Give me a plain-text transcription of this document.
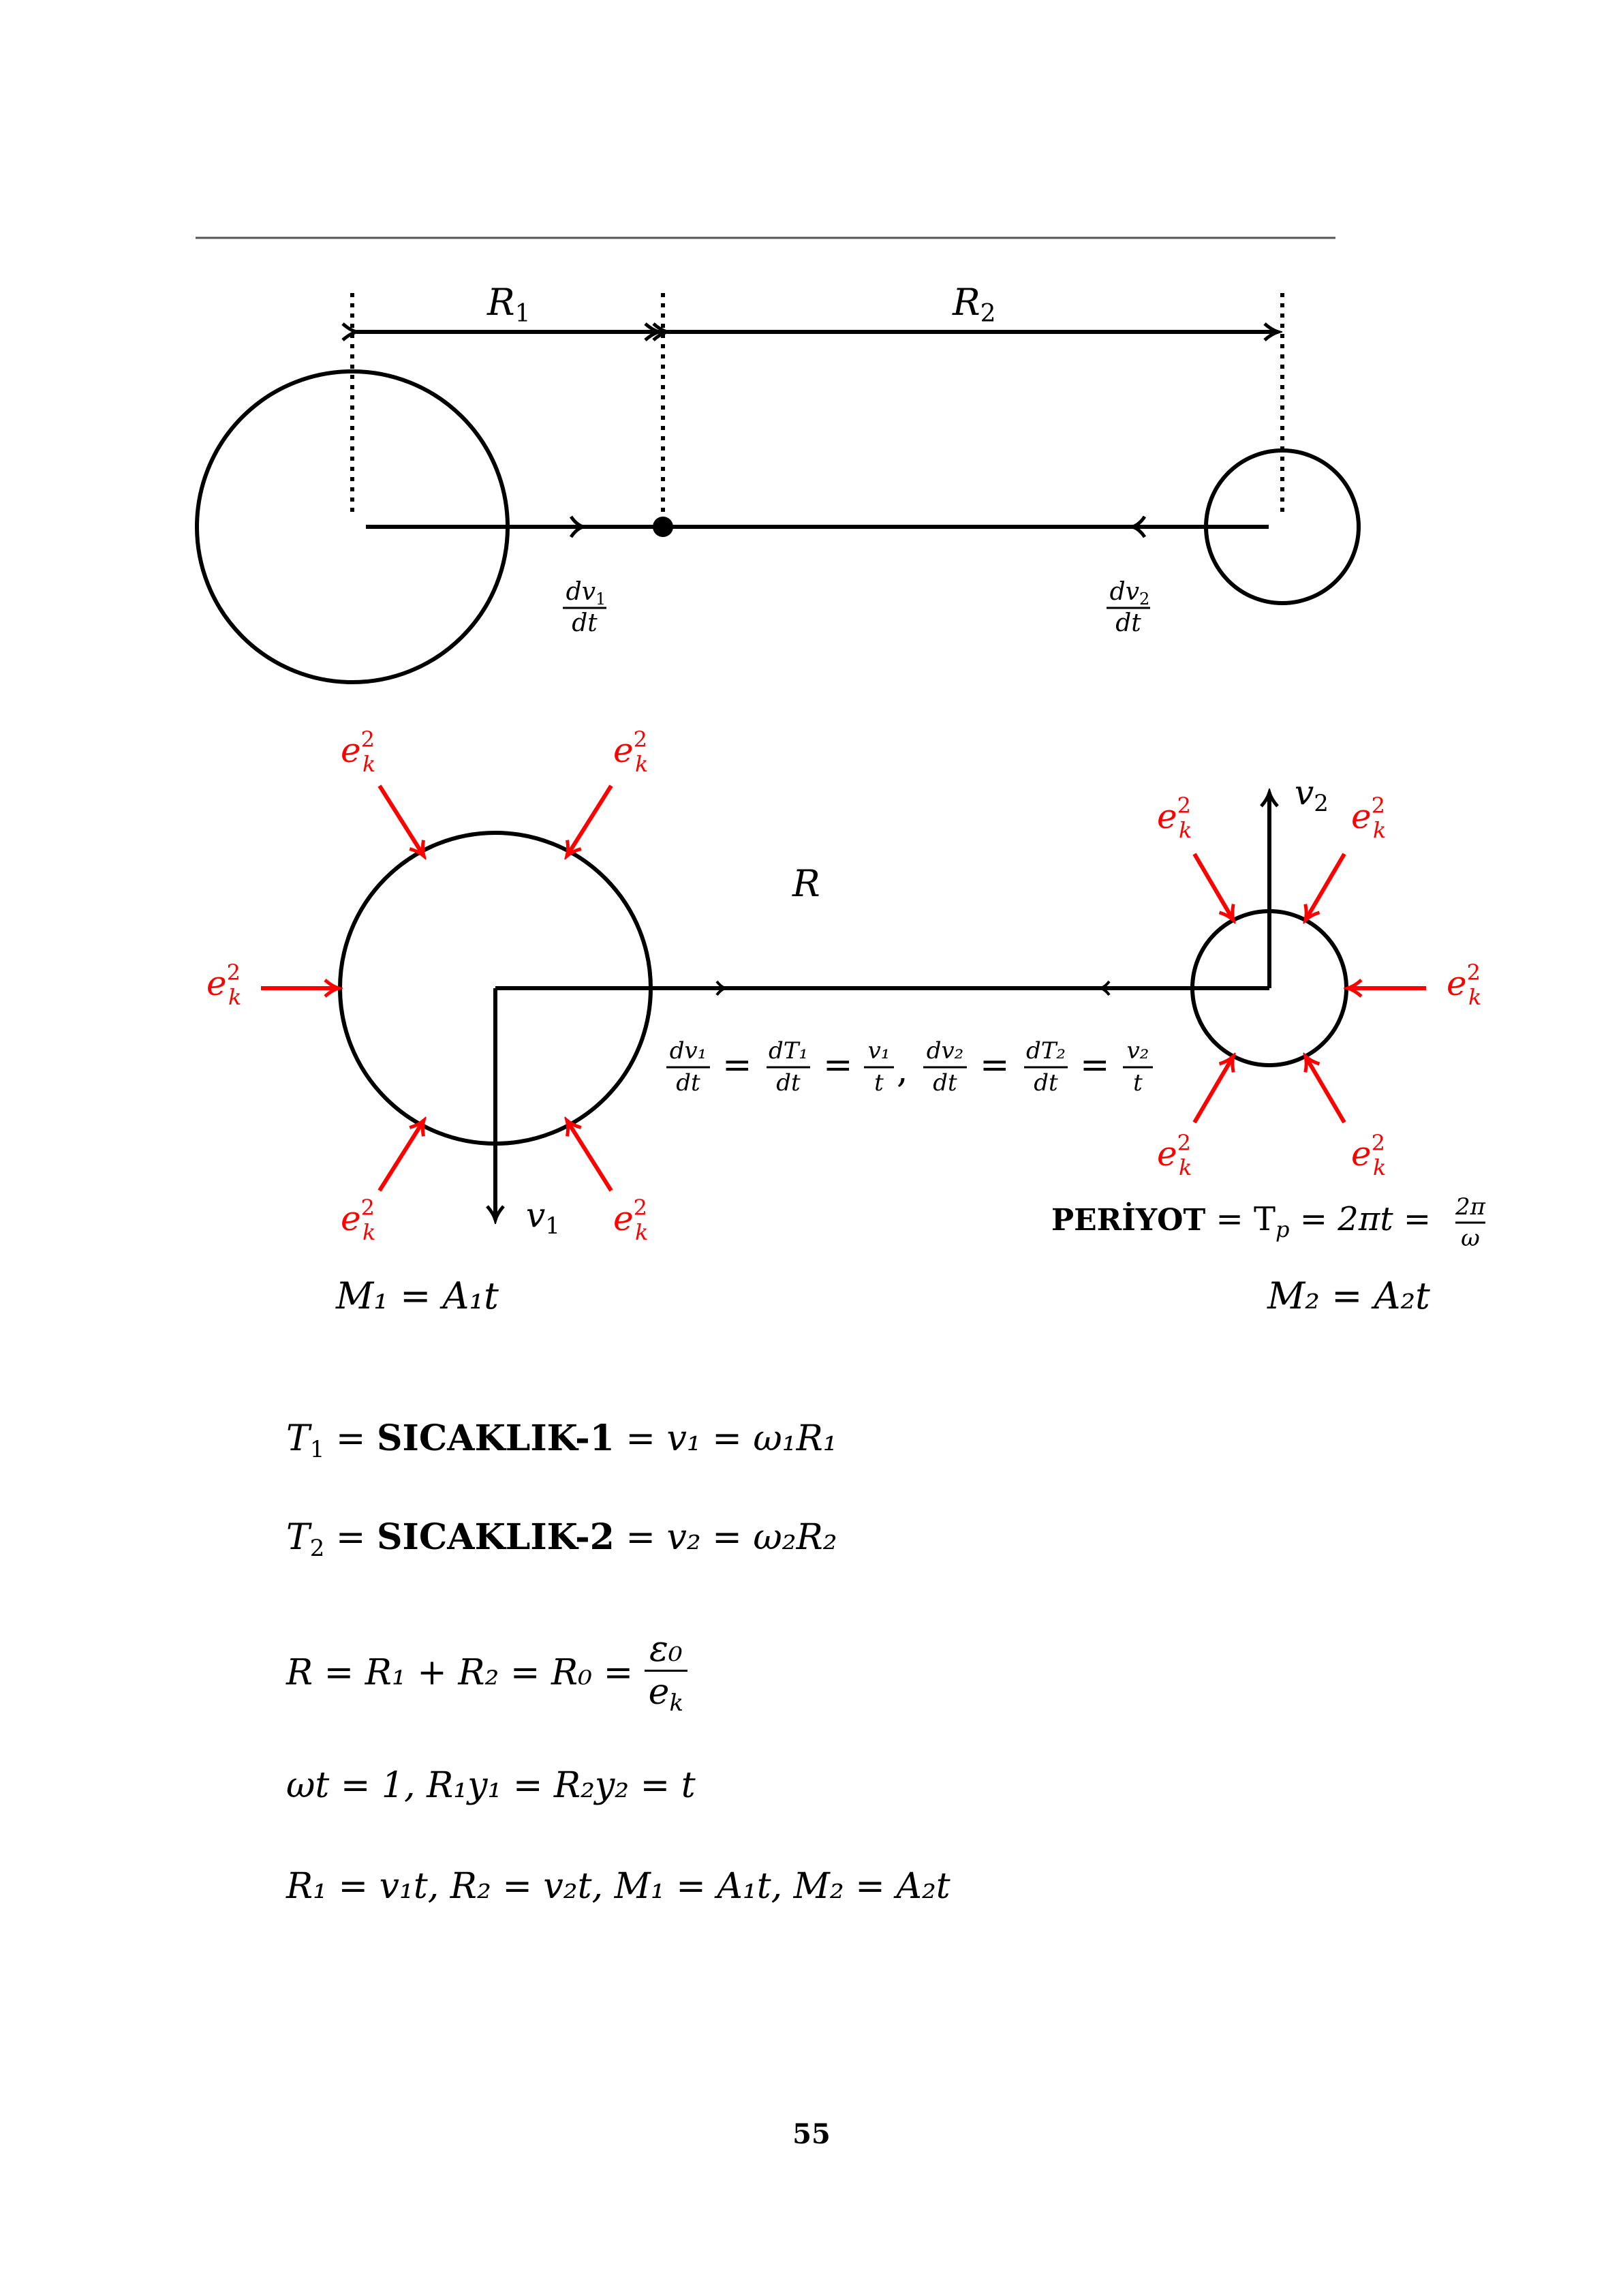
R1	R2
dv1
dt
dv2
dt
R
$v_1$
$v_2$
dv₁
dt = dT₁
dt = v₁
t , dv₂
dt = dT₂
dt = v₂
t
M₁ = A₁t	M₂ = A₂t
PERİYOT = $T_p = 2\pi t = 2\pi$
ω
$e^2$ k	$e^2$ k
$e^2$ k
$e^2$ k	$e^2$ k
$e^2$ k	$e^2$ k
$e^2$ k
$e^2$ k	$e^2$ k
$T_1$ = SICAKLIK-1 = v₁ = ω₁R₁
$T_2$ = SICAKLIK-2 = v₂ = ω₂R₂
$R = R_1 + R_2 = R_0 = \frac{\text{ε₀}}{ek}$
ωt = 1, R₁y₁ = R₂y₂ = t
R₁ = v₁t, R₂ = v₂t, M₁ = A₁t, M₂ = A₂t
55
